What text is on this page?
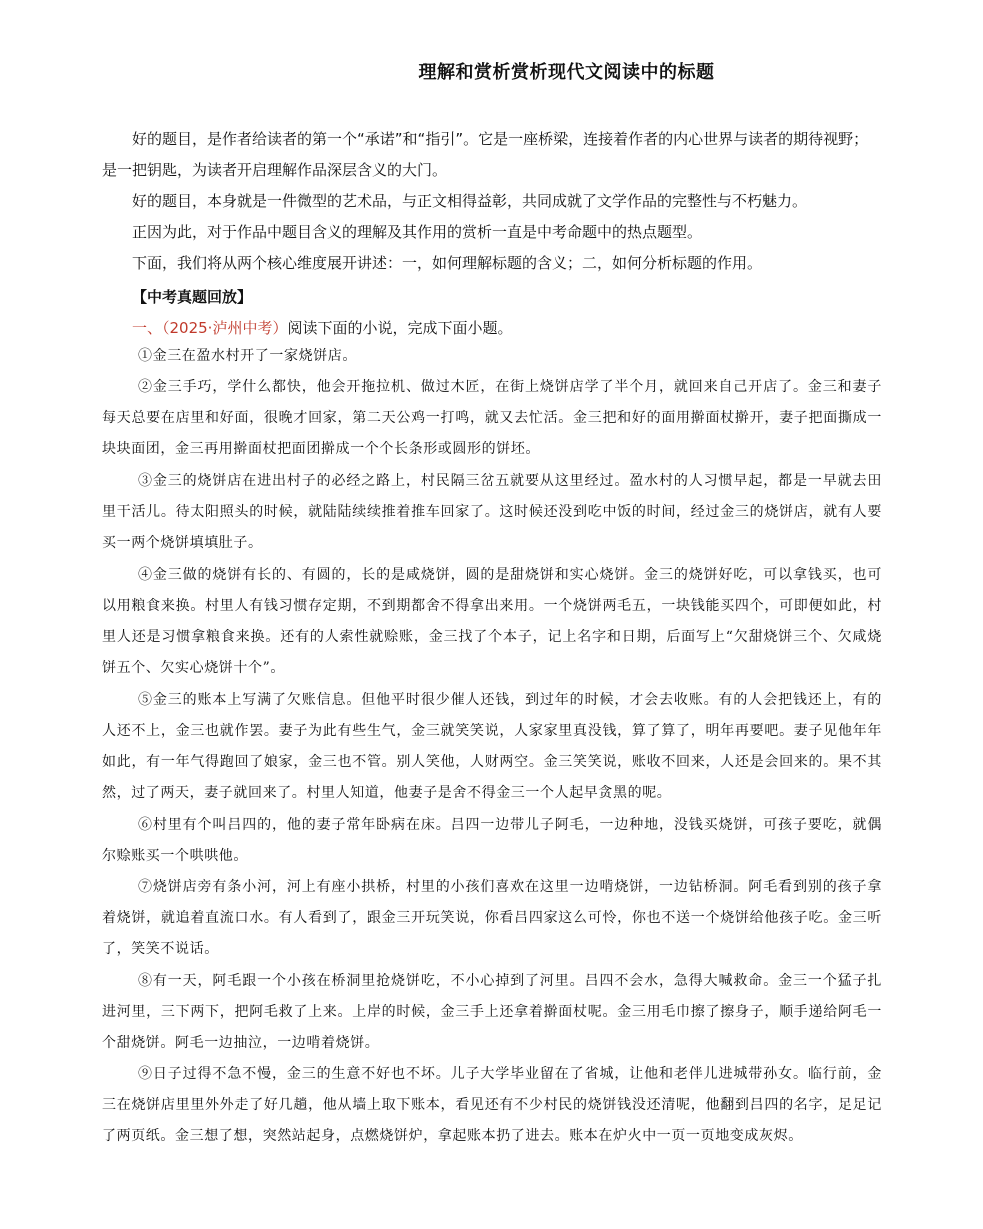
理解和赏析赏析现代文阅读中的标题

好的题目，是作者给读者的第一个“承诺”和“指引”。它是一座桥梁，连接着作者的内心世界与读者的期待视野；是一把钥匙，为读者开启理解作品深层含义的大门。

好的题目，本身就是一件微型的艺术品，与正文相得益彰，共同成就了文学作品的完整性与不朽魅力。

正因为此，对于作品中题目含义的理解及其作用的赏析一直是中考命题中的热点题型。

下面，我们将从两个核心维度展开讲述：一，如何理解标题的含义；二，如何分析标题的作用。

【中考真题回放】
一、（2025·泸州中考）阅读下面的小说，完成下面小题。

①金三在盈水村开了一家烧饼店。

②金三手巧，学什么都快，他会开拖拉机、做过木匠，在街上烧饼店学了半个月，就回来自己开店了。金三和妻子每天总要在店里和好面，很晚才回家，第二天公鸡一打鸣，就又去忙活。金三把和好的面用擀面杖擀开，妻子把面撕成一块块面团，金三再用擀面杖把面团擀成一个个长条形或圆形的饼坯。

③金三的烧饼店在进出村子的必经之路上，村民隔三岔五就要从这里经过。盈水村的人习惯早起，都是一早就去田里干活儿。待太阳照头的时候，就陆陆续续推着推车回家了。这时候还没到吃中饭的时间，经过金三的烧饼店，就有人要买一两个烧饼填填肚子。

④金三做的烧饼有长的、有圆的，长的是咸烧饼，圆的是甜烧饼和实心烧饼。金三的烧饼好吃，可以拿钱买，也可以用粮食来换。村里人有钱习惯存定期，不到期都舍不得拿出来用。一个烧饼两毛五，一块钱能买四个，可即便如此，村里人还是习惯拿粮食来换。还有的人索性就赊账，金三找了个本子，记上名字和日期，后面写上“欠甜烧饼三个、欠咸烧饼五个、欠实心烧饼十个”。

⑤金三的账本上写满了欠账信息。但他平时很少催人还钱，到过年的时候，才会去收账。有的人会把钱还上，有的人还不上，金三也就作罢。妻子为此有些生气，金三就笑笑说，人家家里真没钱，算了算了，明年再要吧。妻子见他年年如此，有一年气得跑回了娘家，金三也不管。别人笑他，人财两空。金三笑笑说，账收不回来，人还是会回来的。果不其然，过了两天，妻子就回来了。村里人知道，他妻子是舍不得金三一个人起早贪黑的呢。

⑥村里有个叫吕四的，他的妻子常年卧病在床。吕四一边带儿子阿毛，一边种地，没钱买烧饼，可孩子要吃，就偶尔赊账买一个哄哄他。

⑦烧饼店旁有条小河，河上有座小拱桥，村里的小孩们喜欢在这里一边啃烧饼，一边钻桥洞。阿毛看到别的孩子拿着烧饼，就追着直流口水。有人看到了，跟金三开玩笑说，你看吕四家这么可怜，你也不送一个烧饼给他孩子吃。金三听了，笑笑不说话。

⑧有一天，阿毛跟一个小孩在桥洞里抢烧饼吃，不小心掉到了河里。吕四不会水，急得大喊救命。金三一个猛子扎进河里，三下两下，把阿毛救了上来。上岸的时候，金三手上还拿着擀面杖呢。金三用毛巾擦了擦身子，顺手递给阿毛一个甜烧饼。阿毛一边抽泣，一边啃着烧饼。

⑨日子过得不急不慢，金三的生意不好也不坏。儿子大学毕业留在了省城，让他和老伴儿进城带孙女。临行前，金三在烧饼店里里外外走了好几趟，他从墙上取下账本，看见还有不少村民的烧饼钱没还清呢，他翻到吕四的名字，足足记了两页纸。金三想了想，突然站起身，点燃烧饼炉，拿起账本扔了进去。账本在炉火中一页一页地变成灰烬。
